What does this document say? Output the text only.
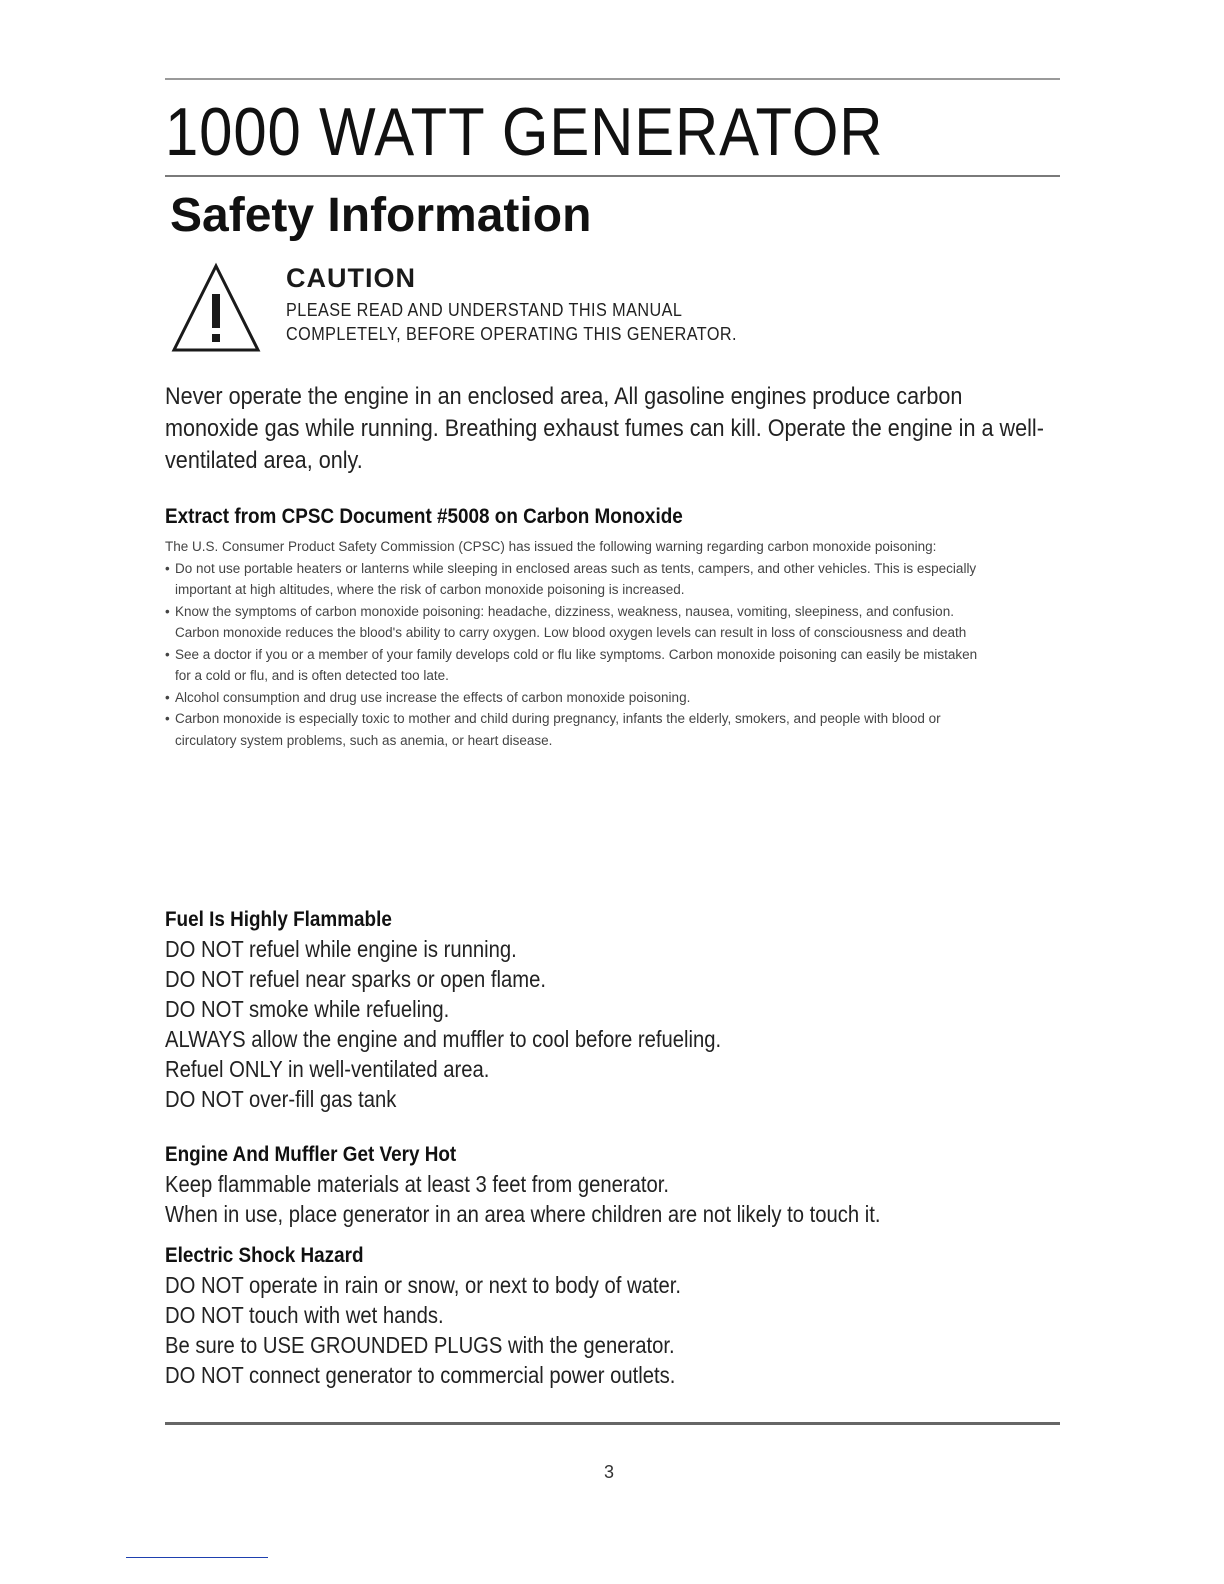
1000 WATT GENERATOR
Safety Information
CAUTION
PLEASE READ AND UNDERSTAND THIS MANUAL
COMPLETELY, BEFORE OPERATING THIS GENERATOR.

Never operate the engine in an enclosed area, All gasoline engines produce carbon monoxide gas while running. Breathing exhaust fumes can kill. Operate the engine in a well-ventilated area, only.

Extract from CPSC Document #5008 on Carbon Monoxide

The U.S. Consumer Product Safety Commission (CPSC) has issued the following warning regarding carbon monoxide poisoning:

• Do not use portable heaters or lanterns while sleeping in enclosed areas such as tents, campers, and other vehicles. This is especially important at high altitudes, where the risk of carbon monoxide poisoning is increased.
• Know the symptoms of carbon monoxide poisoning: headache, dizziness, weakness, nausea, vomiting, sleepiness, and confusion. Carbon monoxide reduces the blood's ability to carry oxygen. Low blood oxygen levels can result in loss of consciousness and death
• See a doctor if you or a member of your family develops cold or flu like symptoms. Carbon monoxide poisoning can easily be mistaken for a cold or flu, and is often detected too late.
• Alcohol consumption and drug use increase the effects of carbon monoxide poisoning.
• Carbon monoxide is especially toxic to mother and child during pregnancy, infants the elderly, smokers, and people with blood or circulatory system problems, such as anemia, or heart disease.
Fuel Is Highly Flammable
DO NOT refuel while engine is running.
DO NOT refuel near sparks or open flame.
DO NOT smoke while refueling.
ALWAYS allow the engine and muffler to cool before refueling.
Refuel ONLY in well-ventilated area.
DO NOT over-fill gas tank
Engine And Muffler Get Very Hot
Keep flammable materials at least 3 feet from generator.
When in use, place generator in an area where children are not likely to touch it.
Electric Shock Hazard
DO NOT operate in rain or snow, or next to body of water.
DO NOT touch with wet hands.
Be sure to USE GROUNDED PLUGS with the generator.
DO NOT connect generator to commercial power outlets.

3
